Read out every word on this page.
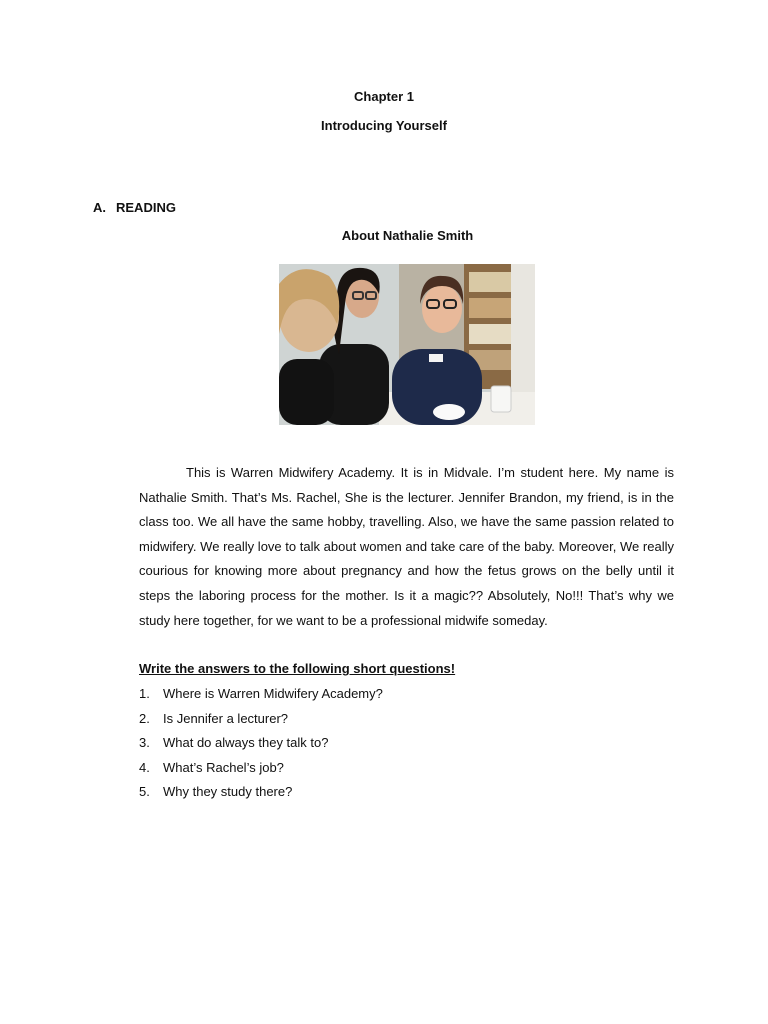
Chapter 1
Introducing Yourself
A. READING
About Nathalie Smith

This is Warren Midwifery Academy. It is in Midvale. I’m student here. My name is Nathalie Smith. That’s Ms. Rachel, She is the lecturer. Jennifer Brandon, my friend, is in the class too. We all have the same hobby, travelling. Also, we have the same passion related to midwifery. We really love to talk about women and take care of the baby. Moreover, We really courious for knowing more about pregnancy and how the fetus grows on the belly until it steps the laboring process for the mother. Is it a magic?? Absolutely, No!!! That’s why we study here together, for we want to be a professional midwife someday.

Write the answers to the following short questions!
1. Where is Warren Midwifery Academy?
2. Is Jennifer a lecturer?
3. What do always they talk to?
4. What’s Rachel’s job?
5. Why they study there?
